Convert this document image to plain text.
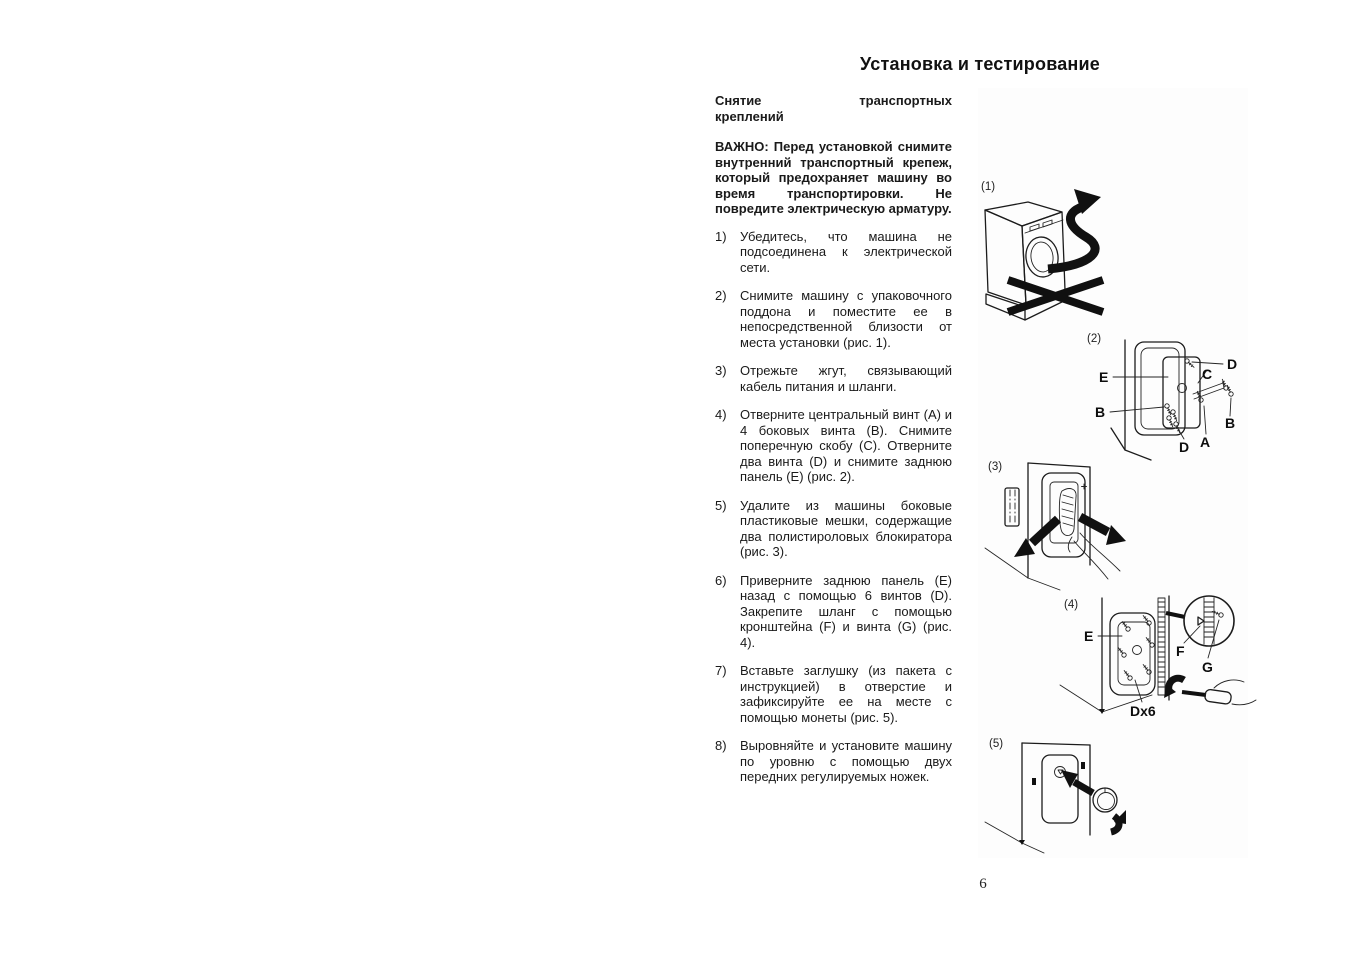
Установка и тестирование
Снятие	транспортных
креплений

ВАЖНО: Перед установкой снимите внутренний транспортный крепеж, который предохраняет машину во время транспортировки. Не повредите электрическую арматуру.

1)	Убедитесь, что машина не подсоединена к электрической сети.
2)	Снимите машину с упаковочного поддона и поместите ее в непосредственной близости от места установки (рис. 1).
3)	Отрежьте жгут, связывающий кабель питания и шланги.
4)	Отверните центральный винт (А) и 4 боковых винта (В). Снимите поперечную скобу (С). Отверните два винта (D) и снимите заднюю панель (Е) (рис. 2).
5)	Удалите из машины боковые пластиковые мешки, содержащие два полистироловых блокиратора (рис. 3).
6)	Приверните заднюю панель (Е) назад с помощью 6 винтов (D). Закрепите шланг с помощью кронштейна (F) и винта (G) (рис. 4).
7)	Вставьте заглушку (из пакета с инструкцией) в отверстие и зафиксируйте ее на месте с помощью монеты (рис. 5).
8)	Выровняйте и установите машину по уровню с помощью двух передних регулируемых ножек.
(1)
(2)
E
B
D
C
B
A
D
(3)
(4)
E
F
G
Dx6
(5)
6
